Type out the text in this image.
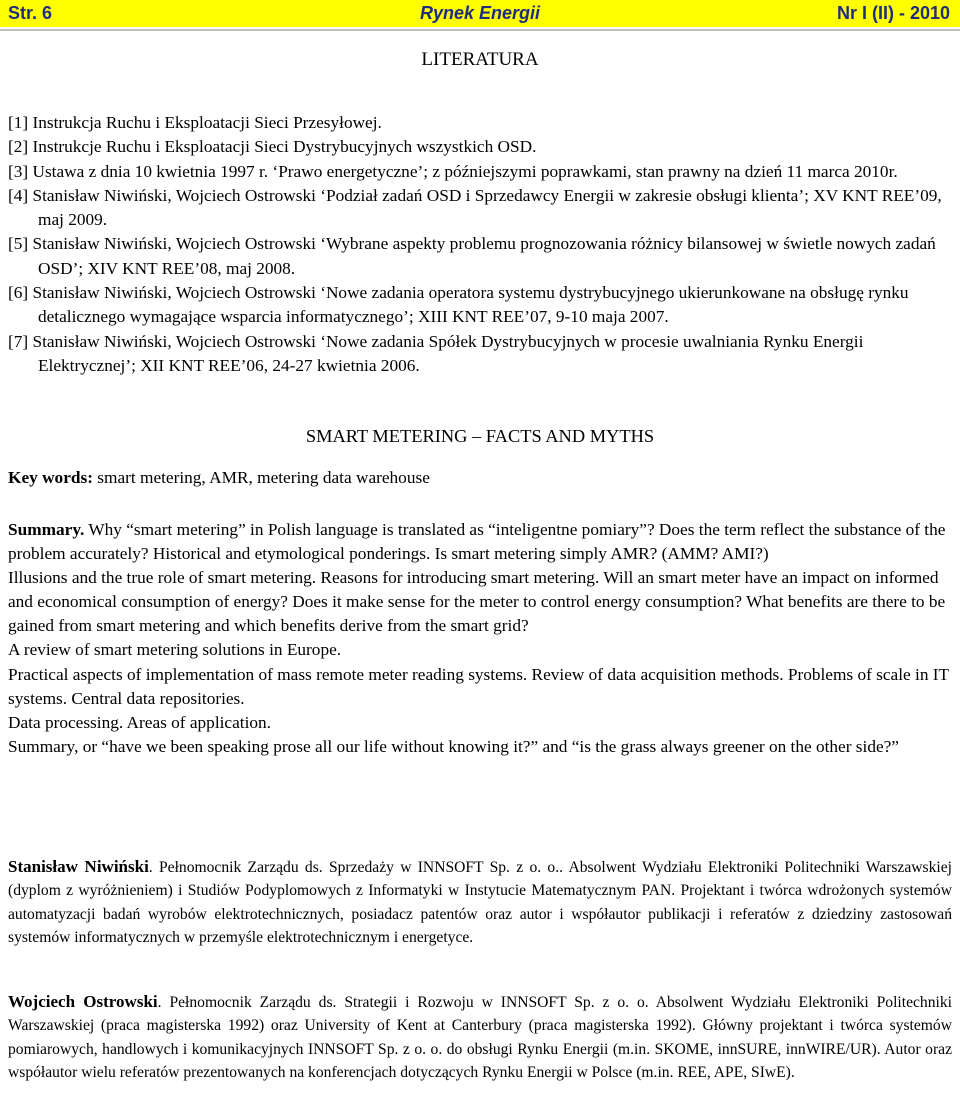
Str. 6	Rynek Energii	Nr I (II) - 2010
LITERATURA
[1] Instrukcja Ruchu i Eksploatacji Sieci Przesyłowej.
[2] Instrukcje Ruchu i Eksploatacji Sieci Dystrybucyjnych wszystkich OSD.
[3] Ustawa z dnia 10 kwietnia 1997 r. ‘Prawo energetyczne’; z późniejszymi poprawkami, stan prawny na dzień 11 marca 2010r.
[4] Stanisław Niwiński, Wojciech Ostrowski ‘Podział zadań OSD i Sprzedawcy Energii w zakresie obsługi klienta’; XV KNT REE’09, maj 2009.
[5] Stanisław Niwiński, Wojciech Ostrowski ‘Wybrane aspekty problemu prognozowania różnicy bilansowej w świetle nowych zadań OSD’; XIV KNT REE’08, maj 2008.
[6] Stanisław Niwiński, Wojciech Ostrowski ‘Nowe zadania operatora systemu dystrybucyjnego ukierunkowane na obsługę rynku detalicznego wymagające wsparcia informatycznego’; XIII KNT REE’07, 9-10 maja 2007.
[7] Stanisław Niwiński, Wojciech Ostrowski ‘Nowe zadania Spółek Dystrybucyjnych w procesie uwalniania Rynku Energii Elektrycznej’; XII KNT REE’06, 24-27 kwietnia 2006.
SMART METERING – FACTS AND MYTHS
Key words: smart metering, AMR, metering data warehouse

Summary. Why “smart metering” in Polish language is translated as “inteligentne pomiary”? Does the term reflect the substance of the problem accurately? Historical and etymological ponderings. Is smart metering simply AMR? (AMM? AMI?)

Illusions and the true role of smart metering. Reasons for introducing smart metering. Will an smart meter have an impact on informed and economical consumption of energy? Does it make sense for the meter to control energy consumption? What benefits are there to be gained from smart metering and which benefits derive from the smart grid?

A review of smart metering solutions in Europe.

Practical aspects of implementation of mass remote meter reading systems. Review of data acquisition methods. Problems of scale in IT systems. Central data repositories.

Data processing. Areas of application.

Summary, or “have we been speaking prose all our life without knowing it?” and “is the grass always greener on the other side?”

Stanisław Niwiński. Pełnomocnik Zarządu ds. Sprzedaży w INNSOFT Sp. z o. o.. Absolwent Wydziału Elektroniki Politechniki Warszawskiej (dyplom z wyróżnieniem) i Studiów Podyplomowych z Informatyki w Instytucie Matematycznym PAN. Projektant i twórca wdrożonych systemów automatyzacji badań wyrobów elektrotechnicznych, posiadacz patentów oraz autor i współautor publikacji i referatów z dziedziny zastosowań systemów informatycznych w przemyśle elektrotechnicznym i energetyce.
Wojciech Ostrowski. Pełnomocnik Zarządu ds. Strategii i Rozwoju w INNSOFT Sp. z o. o. Absolwent Wydziału Elektroniki Politechniki Warszawskiej (praca magisterska 1992) oraz University of Kent at Canterbury (praca magisterska 1992). Główny projektant i twórca systemów pomiarowych, handlowych i komunikacyjnych INNSOFT Sp. z o. o. do obsługi Rynku Energii (m.in. SKOME, innSURE, innWIRE/UR). Autor oraz współautor wielu referatów prezentowanych na konferencjach dotyczących Rynku Energii w Polsce (m.in. REE, APE, SIwE).
